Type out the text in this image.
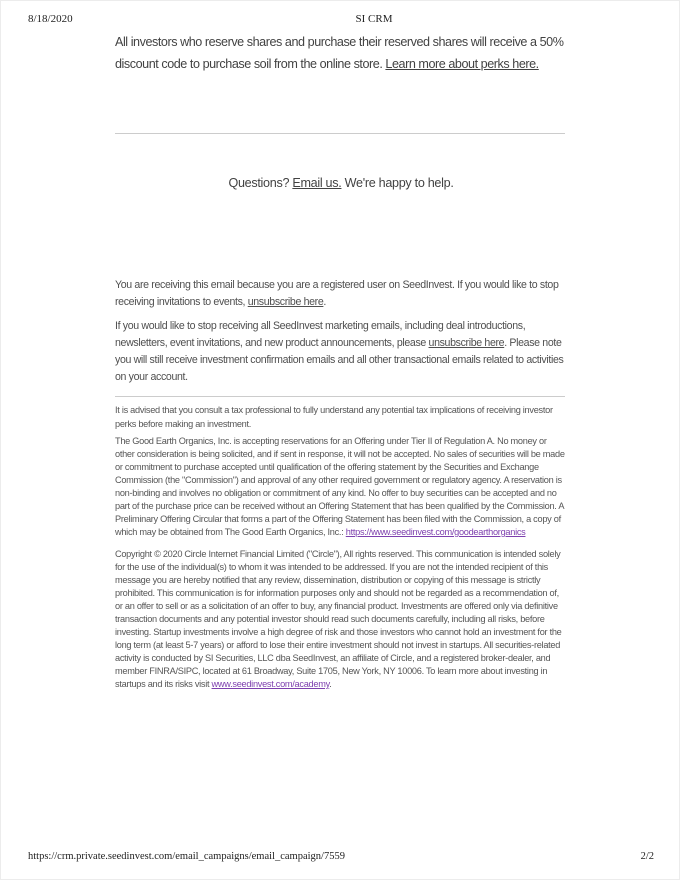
8/18/2020	SI CRM
All investors who reserve shares and purchase their reserved shares will receive a 50% discount code to purchase soil from the online store. Learn more about perks here.
Questions? Email us. We're happy to help.
You are receiving this email because you are a registered user on SeedInvest. If you would like to stop receiving invitations to events, unsubscribe here.
If you would like to stop receiving all SeedInvest marketing emails, including deal introductions, newsletters, event invitations, and new product announcements, please unsubscribe here. Please note you will still receive investment confirmation emails and all other transactional emails related to activities on your account.
It is advised that you consult a tax professional to fully understand any potential tax implications of receiving investor perks before making an investment.
The Good Earth Organics, Inc. is accepting reservations for an Offering under Tier II of Regulation A. No money or other consideration is being solicited, and if sent in response, it will not be accepted. No sales of securities will be made or commitment to purchase accepted until qualification of the offering statement by the Securities and Exchange Commission (the "Commission") and approval of any other required government or regulatory agency. A reservation is non-binding and involves no obligation or commitment of any kind. No offer to buy securities can be accepted and no part of the purchase price can be received without an Offering Statement that has been qualified by the Commission. A Preliminary Offering Circular that forms a part of the Offering Statement has been filed with the Commission, a copy of which may be obtained from The Good Earth Organics, Inc.: https://www.seedinvest.com/goodearthorganics
Copyright © 2020 Circle Internet Financial Limited ("Circle"), All rights reserved. This communication is intended solely for the use of the individual(s) to whom it was intended to be addressed. If you are not the intended recipient of this message you are hereby notified that any review, dissemination, distribution or copying of this message is strictly prohibited. This communication is for information purposes only and should not be regarded as a recommendation of, or an offer to sell or as a solicitation of an offer to buy, any financial product. Investments are offered only via definitive transaction documents and any potential investor should read such documents carefully, including all risks, before investing. Startup investments involve a high degree of risk and those investors who cannot hold an investment for the long term (at least 5-7 years) or afford to lose their entire investment should not invest in startups. All securities-related activity is conducted by SI Securities, LLC dba SeedInvest, an affiliate of Circle, and a registered broker-dealer, and member FINRA/SIPC, located at 61 Broadway, Suite 1705, New York, NY 10006. To learn more about investing in startups and its risks visit www.seedinvest.com/academy.
https://crm.private.seedinvest.com/email_campaigns/email_campaign/7559	2/2
